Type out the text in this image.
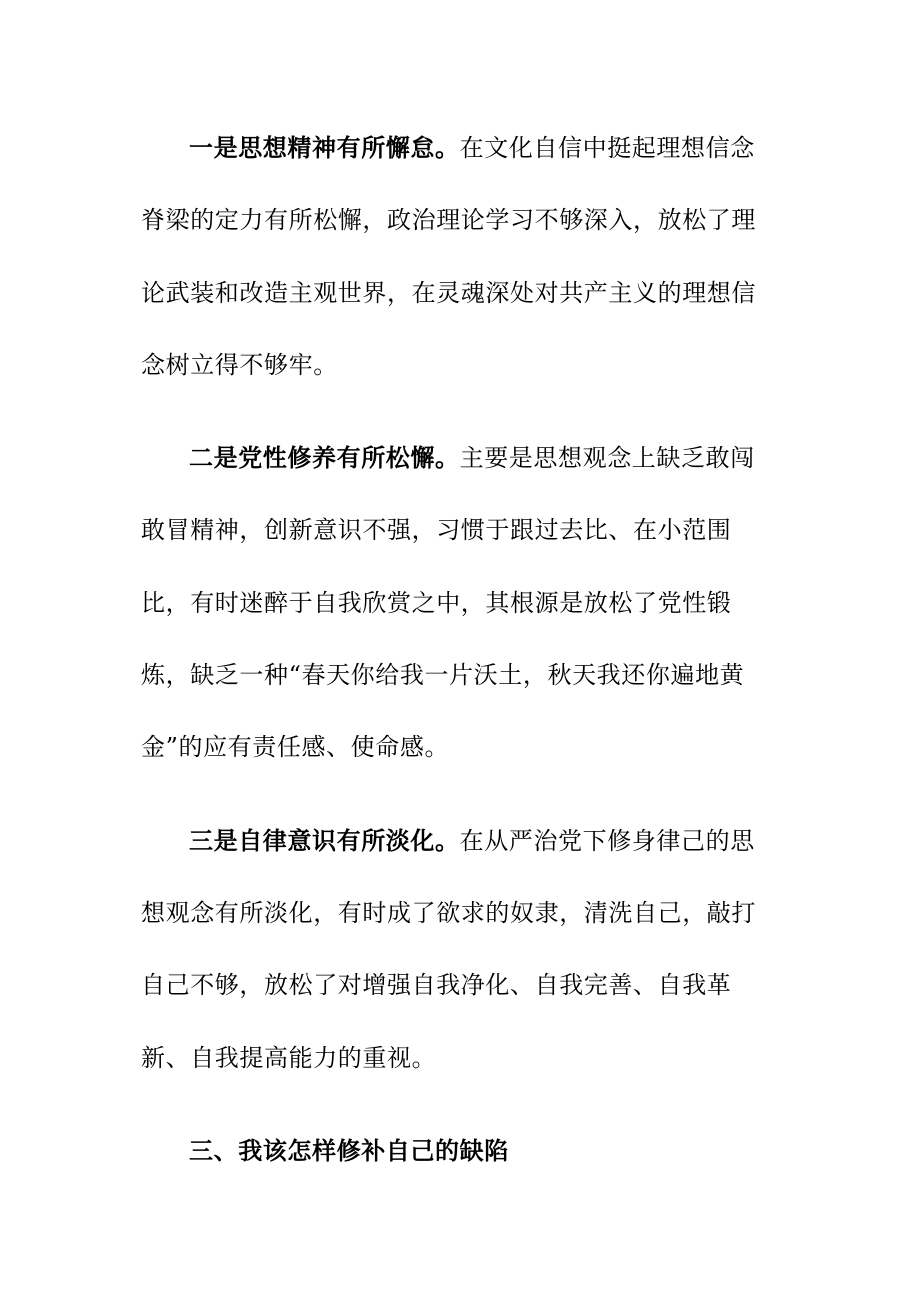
一是思想精神有所懈怠。在文化自信中挺起理想信念
脊梁的定力有所松懈，政治理论学习不够深入，放松了理
论武装和改造主观世界，在灵魂深处对共产主义的理想信
念树立得不够牢。
二是党性修养有所松懈。主要是思想观念上缺乏敢闯
敢冒精神，创新意识不强，习惯于跟过去比、在小范围
比，有时迷醉于自我欣赏之中，其根源是放松了党性锻
炼，缺乏一种“春天你给我一片沃土，秋天我还你遍地黄
金”的应有责任感、使命感。
三是自律意识有所淡化。在从严治党下修身律己的思
想观念有所淡化，有时成了欲求的奴隶，清洗自己，敲打
自己不够，放松了对增强自我净化、自我完善、自我革
新、自我提高能力的重视。
三、我该怎样修补自己的缺陷
